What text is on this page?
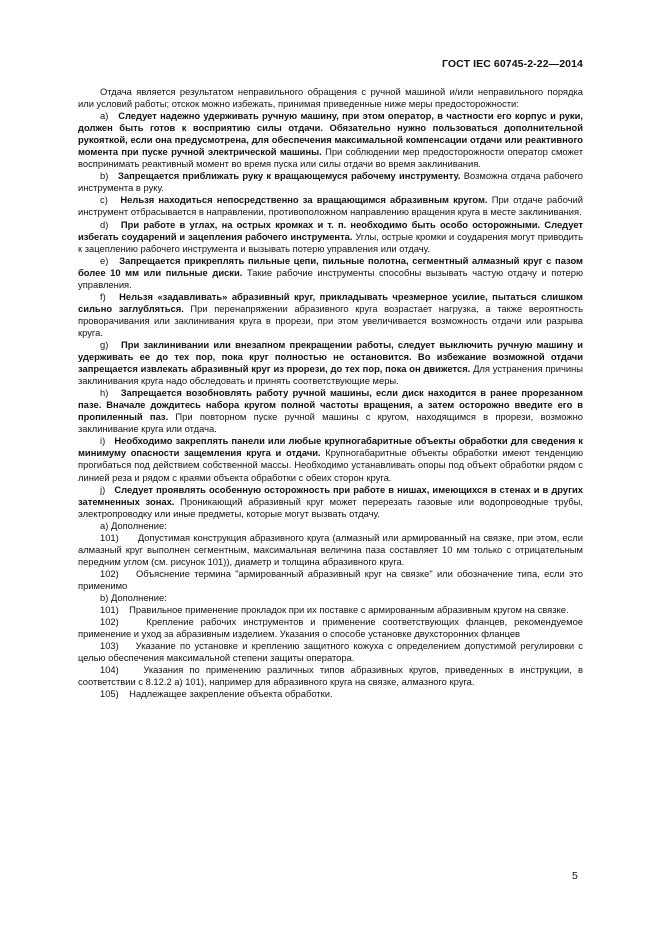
ГОСТ IEC 60745-2-22—2014

Отдача является результатом неправильного обращения с ручной машиной и/или неправильного порядка или условий работы; отскок можно избежать, принимая приведенные ниже меры предосторожности:

a)   Следует надежно удерживать ручную машину, при этом оператор, в частности его корпус и руки, должен быть готов к восприятию силы отдачи. Обязательно нужно пользоваться дополнительной рукояткой, если она предусмотрена, для обеспечения максимальной компенсации отдачи или реактивного момента при пуске ручной электрической машины. При соблюдении мер предосторожности оператор сможет воспринимать реактивный момент во время пуска или силы отдачи во время заклинивания.

b)   Запрещается приближать руку к вращающемуся рабочему инструменту. Возможна отдача рабочего инструмента в руку.

c)   Нельзя находиться непосредственно за вращающимся абразивным кругом. При отдаче рабочий инструмент отбрасывается в направлении, противоположном направлению вращения круга в месте заклинивания.

d)   При работе в углах, на острых кромках и т. п. необходимо быть особо осторожными. Следует избегать соударений и зацепления рабочего инструмента. Углы, острые кромки и соударения могут приводить к зацеплению рабочего инструмента и вызывать потерю управления или отдачу.

e)   Запрещается прикреплять пильные цепи, пильные полотна, сегментный алмазный круг с пазом более 10 мм или пильные диски. Такие рабочие инструменты способны вызывать частую отдачу и потерю управления.

f)   Нельзя «задавливать» абразивный круг, прикладывать чрезмерное усилие, пытаться слишком сильно заглубляться. При перенапряжении абразивного круга возрастает нагрузка, а также вероятность проворачивания или заклинивания круга в прорези, при этом увеличивается возможность отдачи или разрыва круга.

g)   При заклинивании или внезапном прекращении работы, следует выключить ручную машину и удерживать ее до тех пор, пока круг полностью не остановится. Во избежание возможной отдачи запрещается извлекать абразивный круг из прорези, до тех пор, пока он движется. Для устранения причины заклинивания круга надо обследовать и принять соответствующие меры.

h)   Запрещается возобновлять работу ручной машины, если диск находится в ранее прорезанном пазе. Вначале дождитесь набора кругом полной частоты вращения, а затем осторожно введите его в пропиленный паз. При повторном пуске ручной машины с кругом, находящимся в прорези, возможно заклинивание круга или отдача.

i)   Необходимо закреплять панели или любые крупногабаритные объекты обработки для сведения к минимуму опасности защемления круга и отдачи. Крупногабаритные объекты обработки имеют тенденцию прогибаться под действием собственной массы. Необходимо устанавливать опоры под объект обработки рядом с линией реза и рядом с краями объекта обработки с обеих сторон круга.

j)   Следует проявлять особенную осторожность при работе в нишах, имеющихся в стенах и в других затемненных зонах. Проникающий абразивный круг может перерезать газовые или водопроводные трубы, электропроводку или иные предметы, которые могут вызвать отдачу.

a) Дополнение:

101)      Допустимая конструкция абразивного круга (алмазный или армированный на связке, при этом, если алмазный круг выполнен сегментным, максимальная величина паза составляет 10 мм только с отрицательным передним углом (см. рисунок 101)), диаметр и толщина абразивного круга.

102)    Объяснение термина "армированный абразивный круг на связке" или обозначение типа, если это применимо

b) Дополнение:

101)    Правильное применение прокладок при их поставке с армированным абразивным кругом на связке.

102)    Крепление рабочих инструментов и применение соответствующих фланцев, рекомендуемое применение и уход за абразивным изделием. Указания о способе установке двухсторонних фланцев

103)    Указание по установке и креплению защитного кожуха с определением допустимой регулировки с целью обеспечения максимальной степени защиты оператора.

104)    Указания по применению различных типов абразивных кругов, приведенных в инструкции, в соответствии с 8.12.2 а) 101), например для абразивного круга на связке, алмазного круга.

105)    Надлежащее закрепление объекта обработки.

5
